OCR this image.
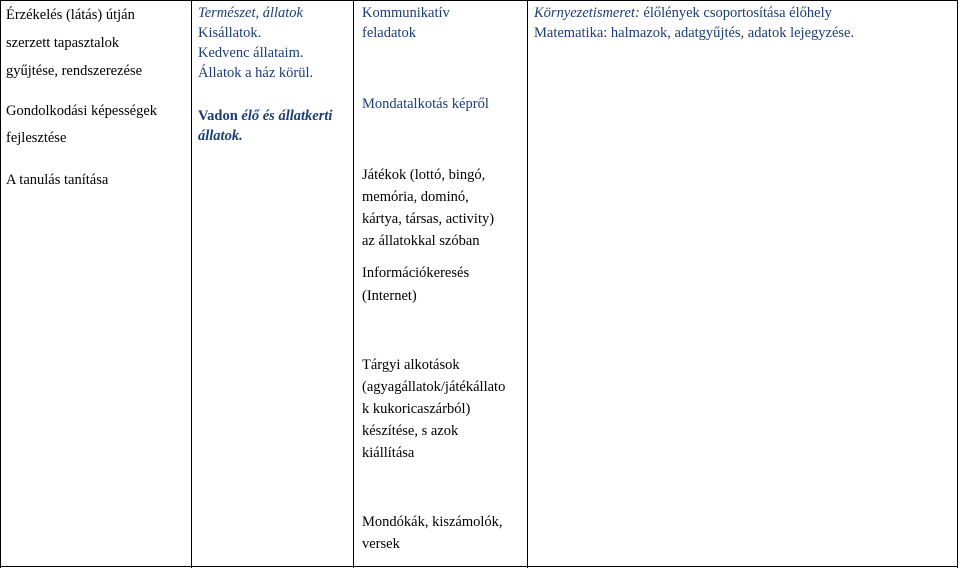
Érzékelés (látás) útján
szerzett tapasztalok
gyűjtése, rendszerezése
Gondolkodási képességek
fejlesztése
A tanulás tanítása
Természet, állatok
Kisállatok.
Kedvenc állataim.
Állatok a ház körül.
Vadon élő és állatkerti
állatok.
Kommunikatív
feladatok
Mondatalkotás képről
Játékok (lottó, bingó,
memória, dominó,
kártya, társas, activity)
az állatokkal szóban
Információkeresés
(Internet)
Tárgyi alkotások
(agyagállatok/játékállato
k kukoricaszárból)
készítése, s azok
kiállítása
Mondókák, kiszámolók,
versek
Környezetismeret: élőlények csoportosítása élőhely
Matematika: halmazok, adatgyűjtés, adatok lejegyzése.
